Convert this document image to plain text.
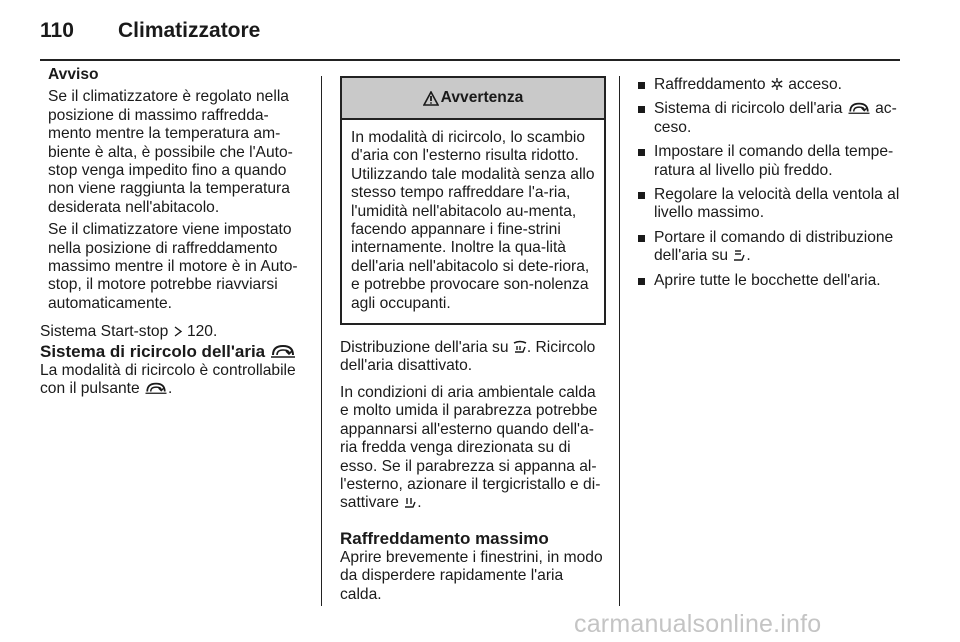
110 Climatizzatore

Avviso

Se il climatizzatore è regolato nella posizione di massimo raffredda-mento mentre la temperatura am-biente è alta, è possibile che l'Auto-stop venga impedito fino a quando non viene raggiunta la temperatura desiderata nell'abitacolo.

Se il climatizzatore viene impostato nella posizione di raffreddamento massimo mentre il motore è in Auto-stop, il motore potrebbe riavviarsi automaticamente.

Sistema Start-stop 120.

Sistema di ricircolo dell'aria

La modalità di ricircolo è controllabile con il pulsante .

Avvertenza
In modalità di ricircolo, lo scambio d'aria con l'esterno risulta ridotto. Utilizzando tale modalità senza allo stesso tempo raffreddare l'a-ria, l'umidità nell'abitacolo au-menta, facendo appannare i fine-strini internamente. Inoltre la qua-lità dell'aria nell'abitacolo si dete-riora, e potrebbe provocare son-nolenza agli occupanti.

Distribuzione dell'aria su . Ricircolo dell'aria disattivato.

In condizioni di aria ambientale calda e molto umida il parabrezza potrebbe appannarsi all'esterno quando dell'a-ria fredda venga direzionata su di esso. Se il parabrezza si appanna al-l'esterno, azionare il tergicristallo e di-sattivare .

Raffreddamento massimo

Aprire brevemente i finestrini, in modo da disperdere rapidamente l'aria calda.

Raffreddamento acceso.
Sistema di ricircolo dell'aria ac-ceso.
Impostare il comando della tempe-ratura al livello più freddo.
Regolare la velocità della ventola al livello massimo.
Portare il comando di distribuzione dell'aria su .
Aprire tutte le bocchette dell'aria.
carmanualsonline.info
